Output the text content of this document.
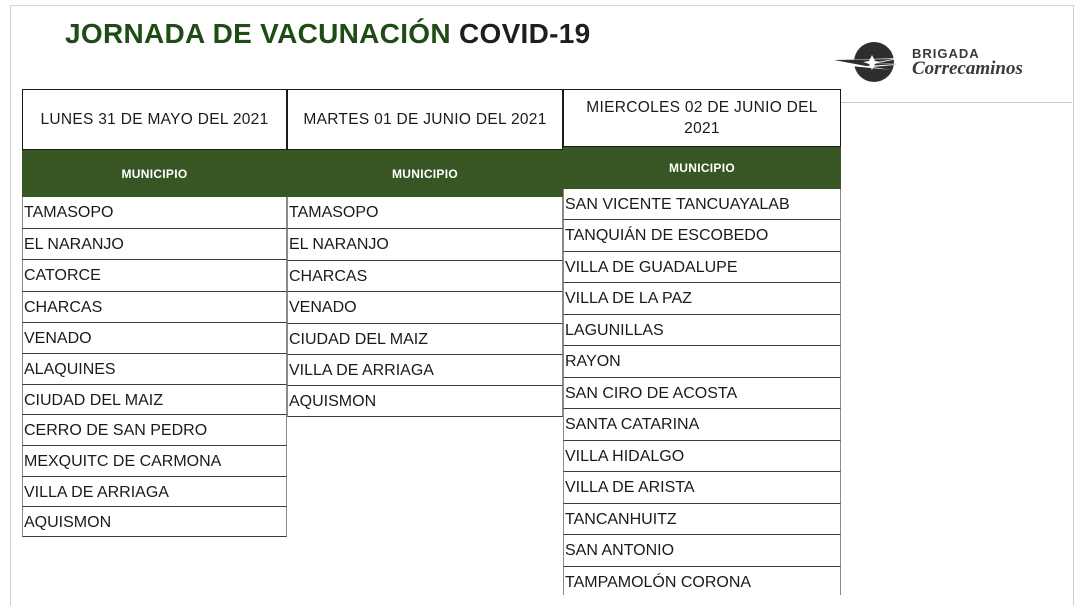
JORNADA DE VACUNACIÓN COVID-19
BRIGADA
Correcaminos
LUNES 31 DE MAYO DEL 2021
MUNICIPIO
TAMASOPO
EL NARANJO
CATORCE
CHARCAS
VENADO
ALAQUINES
CIUDAD DEL MAIZ
CERRO DE SAN PEDRO
MEXQUITC DE CARMONA
VILLA DE ARRIAGA
AQUISMON
MARTES 01 DE JUNIO DEL 2021
MUNICIPIO
TAMASOPO
EL NARANJO
CHARCAS
VENADO
CIUDAD DEL MAIZ
VILLA DE ARRIAGA
AQUISMON
MIERCOLES 02 DE JUNIO DEL 2021
MUNICIPIO
SAN VICENTE TANCUAYALAB
TANQUIÁN DE ESCOBEDO
VILLA DE GUADALUPE
VILLA DE LA PAZ
LAGUNILLAS
RAYON
SAN CIRO DE ACOSTA
SANTA CATARINA
VILLA HIDALGO
VILLA DE ARISTA
TANCANHUITZ
SAN ANTONIO
TAMPAMOLÓN CORONA
